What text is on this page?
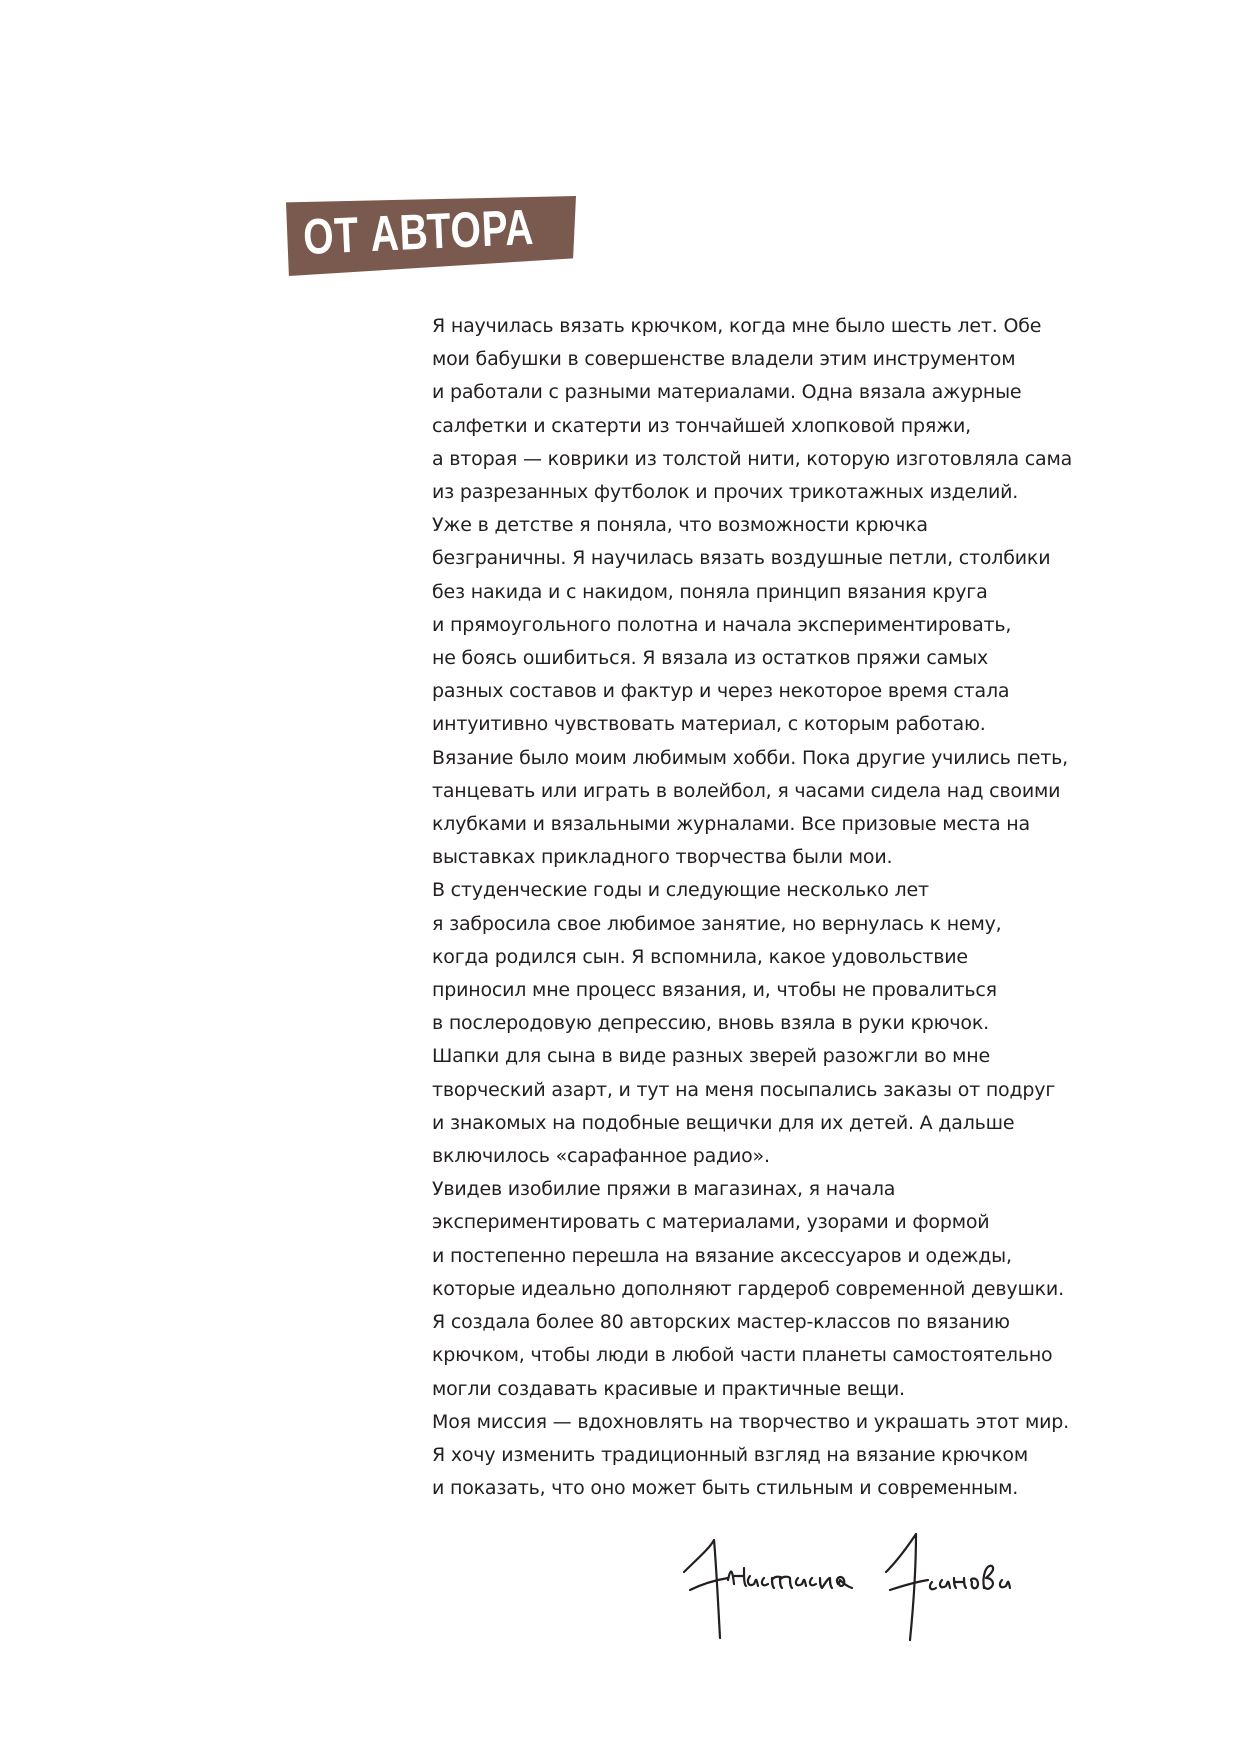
ОТ АВТОРА
Я научилась вязать крючком, когда мне было шесть лет. Обе
мои бабушки в совершенстве владели этим инструментом
и работали с разными материалами. Одна вязала ажурные
салфетки и скатерти из тончайшей хлопковой пряжи,
а вторая — коврики из толстой нити, которую изготовляла сама
из разрезанных футболок и прочих трикотажных изделий.
Уже в детстве я поняла, что возможности крючка
безграничны. Я научилась вязать воздушные петли, столбики
без накида и с накидом, поняла принцип вязания круга
и прямоугольного полотна и начала экспериментировать,
не боясь ошибиться. Я вязала из остатков пряжи самых
разных составов и фактур и через некоторое время стала
интуитивно чувствовать материал, с которым работаю.
Вязание было моим любимым хобби. Пока другие учились петь,
танцевать или играть в волейбол, я часами сидела над своими
клубками и вязальными журналами. Все призовые места на
выставках прикладного творчества были мои.
В студенческие годы и следующие несколько лет
я забросила свое любимое занятие, но вернулась к нему,
когда родился сын. Я вспомнила, какое удовольствие
приносил мне процесс вязания, и, чтобы не провалиться
в послеродовую депрессию, вновь взяла в руки крючок.
Шапки для сына в виде разных зверей разожгли во мне
творческий азарт, и тут на меня посыпались заказы от подруг
и знакомых на подобные вещички для их детей. А дальше
включилось «сарафанное радио».
Увидев изобилие пряжи в магазинах, я начала
экспериментировать с материалами, узорами и формой
и постепенно перешла на вязание аксессуаров и одежды,
которые идеально дополняют гардероб современной девушки.
Я создала более 80 авторских мастер-классов по вязанию
крючком, чтобы люди в любой части планеты самостоятельно
могли создавать красивые и практичные вещи.
Моя миссия — вдохновлять на творчество и украшать этот мир.
Я хочу изменить традиционный взгляд на вязание крючком
и показать, что оно может быть стильным и современным.
